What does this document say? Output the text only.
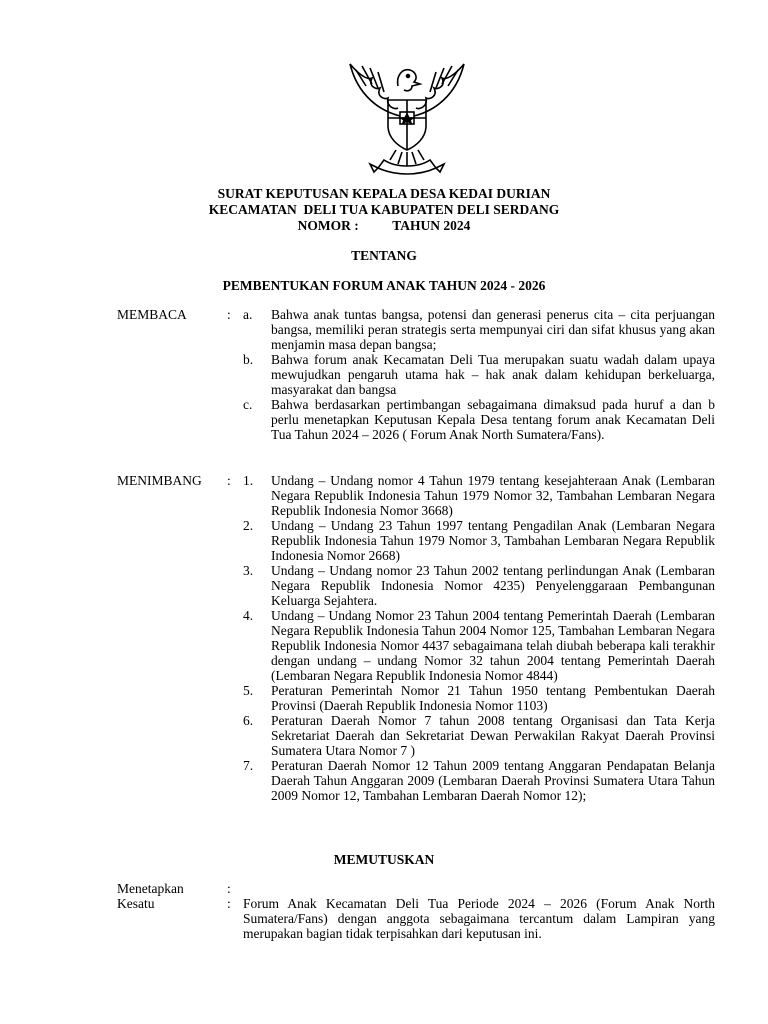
SURAT KEPUTUSAN KEPALA DESA KEDAI DURIAN
KECAMATAN  DELI TUA KABUPATEN DELI SERDANG
NOMOR :          TAHUN 2024
TENTANG
PEMBENTUKAN FORUM ANAK TAHUN 2024 - 2026
MEMBACA	: a.	Bahwa anak tuntas bangsa, potensi dan generasi penerus cita – cita perjuangan bangsa, memiliki peran strategis serta mempunyai ciri dan sifat khusus yang akan menjamin masa depan bangsa;
b.	Bahwa forum anak Kecamatan Deli Tua merupakan suatu wadah dalam upaya mewujudkan pengaruh utama hak – hak anak dalam kehidupan berkeluarga, masyarakat dan bangsa
c.	Bahwa berdasarkan pertimbangan sebagaimana dimaksud pada huruf a dan b perlu menetapkan Keputusan Kepala Desa tentang forum anak Kecamatan Deli Tua Tahun 2024 – 2026 ( Forum Anak North Sumatera/Fans).
MENIMBANG : 1.	Undang – Undang nomor 4 Tahun 1979 tentang kesejahteraan Anak (Lembaran Negara Republik Indonesia Tahun 1979 Nomor 32, Tambahan Lembaran Negara Republik Indonesia Nomor 3668)
2.	Undang – Undang 23 Tahun 1997 tentang Pengadilan Anak (Lembaran Negara Republik Indonesia Tahun 1979 Nomor 3, Tambahan Lembaran Negara Republik Indonesia Nomor 2668)
3.	Undang – Undang nomor 23 Tahun 2002 tentang perlindungan Anak (Lembaran Negara Republik Indonesia Nomor 4235) Penyelenggaraan Pembangunan Keluarga Sejahtera.
4.	Undang – Undang Nomor 23 Tahun 2004 tentang Pemerintah Daerah (Lembaran Negara Republik Indonesia Tahun 2004 Nomor 125, Tambahan Lembaran Negara Republik Indonesia Nomor 4437 sebagaimana telah diubah beberapa kali terakhir dengan undang – undang Nomor 32 tahun 2004 tentang Pemerintah Daerah (Lembaran Negara Republik Indonesia Nomor 4844)
5.	Peraturan Pemerintah Nomor 21 Tahun 1950 tentang Pembentukan Daerah Provinsi (Daerah Republik Indonesia Nomor 1103)
6.	Peraturan Daerah Nomor 7 tahun 2008 tentang Organisasi dan Tata Kerja Sekretariat Daerah dan Sekretariat Dewan Perwakilan Rakyat Daerah Provinsi Sumatera Utara Nomor 7 )
7.	Peraturan Daerah Nomor 12 Tahun 2009 tentang Anggaran Pendapatan Belanja Daerah Tahun Anggaran 2009 (Lembaran Daerah Provinsi Sumatera Utara Tahun 2009 Nomor 12, Tambahan Lembaran Daerah Nomor 12);
MEMUTUSKAN
Menetapkan	:
Kesatu	: Forum Anak Kecamatan Deli Tua Periode 2024 – 2026 (Forum Anak North Sumatera/Fans) dengan anggota sebagaimana tercantum dalam Lampiran yang merupakan bagian tidak terpisahkan dari keputusan ini.
